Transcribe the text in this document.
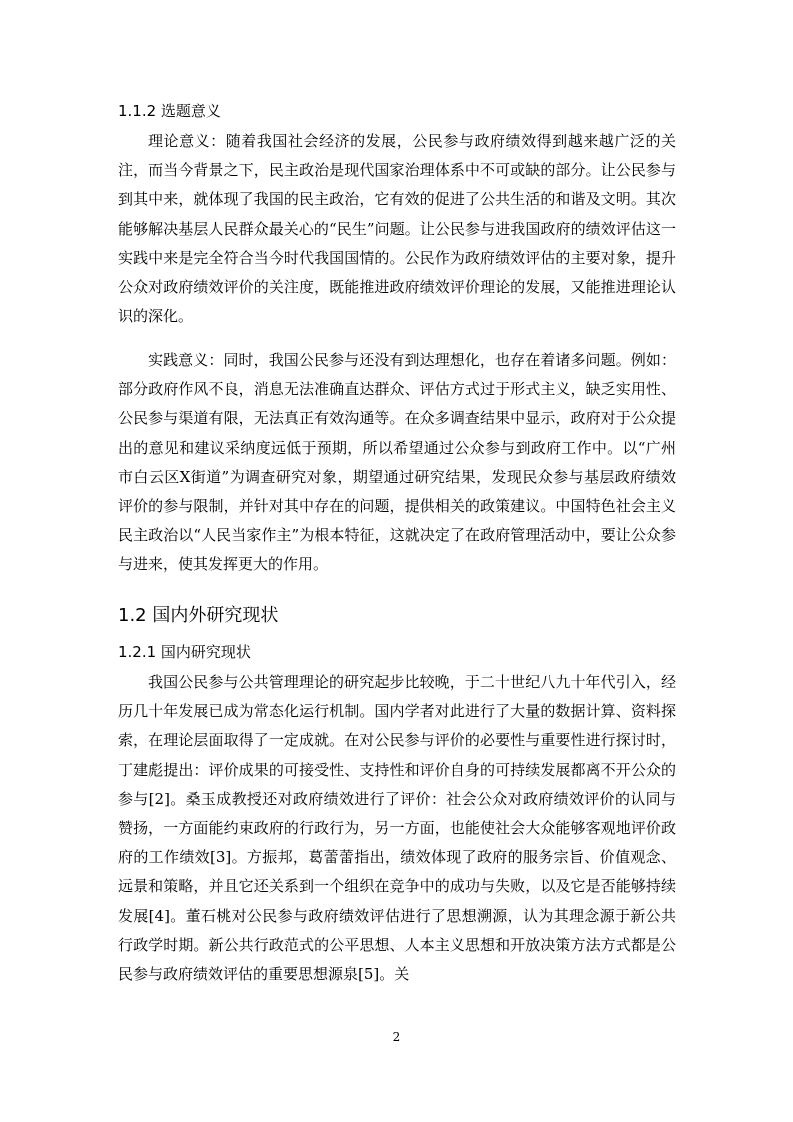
1.1.2 选题意义

理论意义：随着我国社会经济的发展，公民参与政府绩效得到越来越广泛的关注，而当今背景之下，民主政治是现代国家治理体系中不可或缺的部分。让公民参与到其中来，就体现了我国的民主政治，它有效的促进了公共生活的和谐及文明。其次能够解决基层人民群众最关心的“民生”问题。让公民参与进我国政府的绩效评估这一实践中来是完全符合当今时代我国国情的。公民作为政府绩效评估的主要对象，提升公众对政府绩效评价的关注度，既能推进政府绩效评价理论的发展，又能推进理论认识的深化。

实践意义：同时，我国公民参与还没有到达理想化，也存在着诸多问题。例如：部分政府作风不良，消息无法准确直达群众、评估方式过于形式主义，缺乏实用性、公民参与渠道有限，无法真正有效沟通等。在众多调查结果中显示，政府对于公众提出的意见和建议采纳度远低于预期，所以希望通过公众参与到政府工作中。以“广州市白云区X街道”为调查研究对象，期望通过研究结果，发现民众参与基层政府绩效评价的参与限制，并针对其中存在的问题，提供相关的政策建议。中国特色社会主义民主政治以“人民当家作主”为根本特征，这就决定了在政府管理活动中，要让公众参与进来，使其发挥更大的作用。

1.2 国内外研究现状
1.2.1 国内研究现状

我国公民参与公共管理理论的研究起步比较晚，于二十世纪八九十年代引入，经历几十年发展已成为常态化运行机制。国内学者对此进行了大量的数据计算、资料探索，在理论层面取得了一定成就。在对公民参与评价的必要性与重要性进行探讨时，丁建彪提出：评价成果的可接受性、支持性和评价自身的可持续发展都离不开公众的参与[2]。桑玉成教授还对政府绩效进行了评价：社会公众对政府绩效评价的认同与赞扬，一方面能约束政府的行政行为，另一方面，也能使社会大众能够客观地评价政府的工作绩效[3]。方振邦，葛蕾蕾指出，绩效体现了政府的服务宗旨、价值观念、远景和策略，并且它还关系到一个组织在竞争中的成功与失败，以及它是否能够持续发展[4]。董石桃对公民参与政府绩效评估进行了思想溯源，认为其理念源于新公共行政学时期。新公共行政范式的公平思想、人本主义思想和开放决策方法方式都是公民参与政府绩效评估的重要思想源泉[5]。关

2
